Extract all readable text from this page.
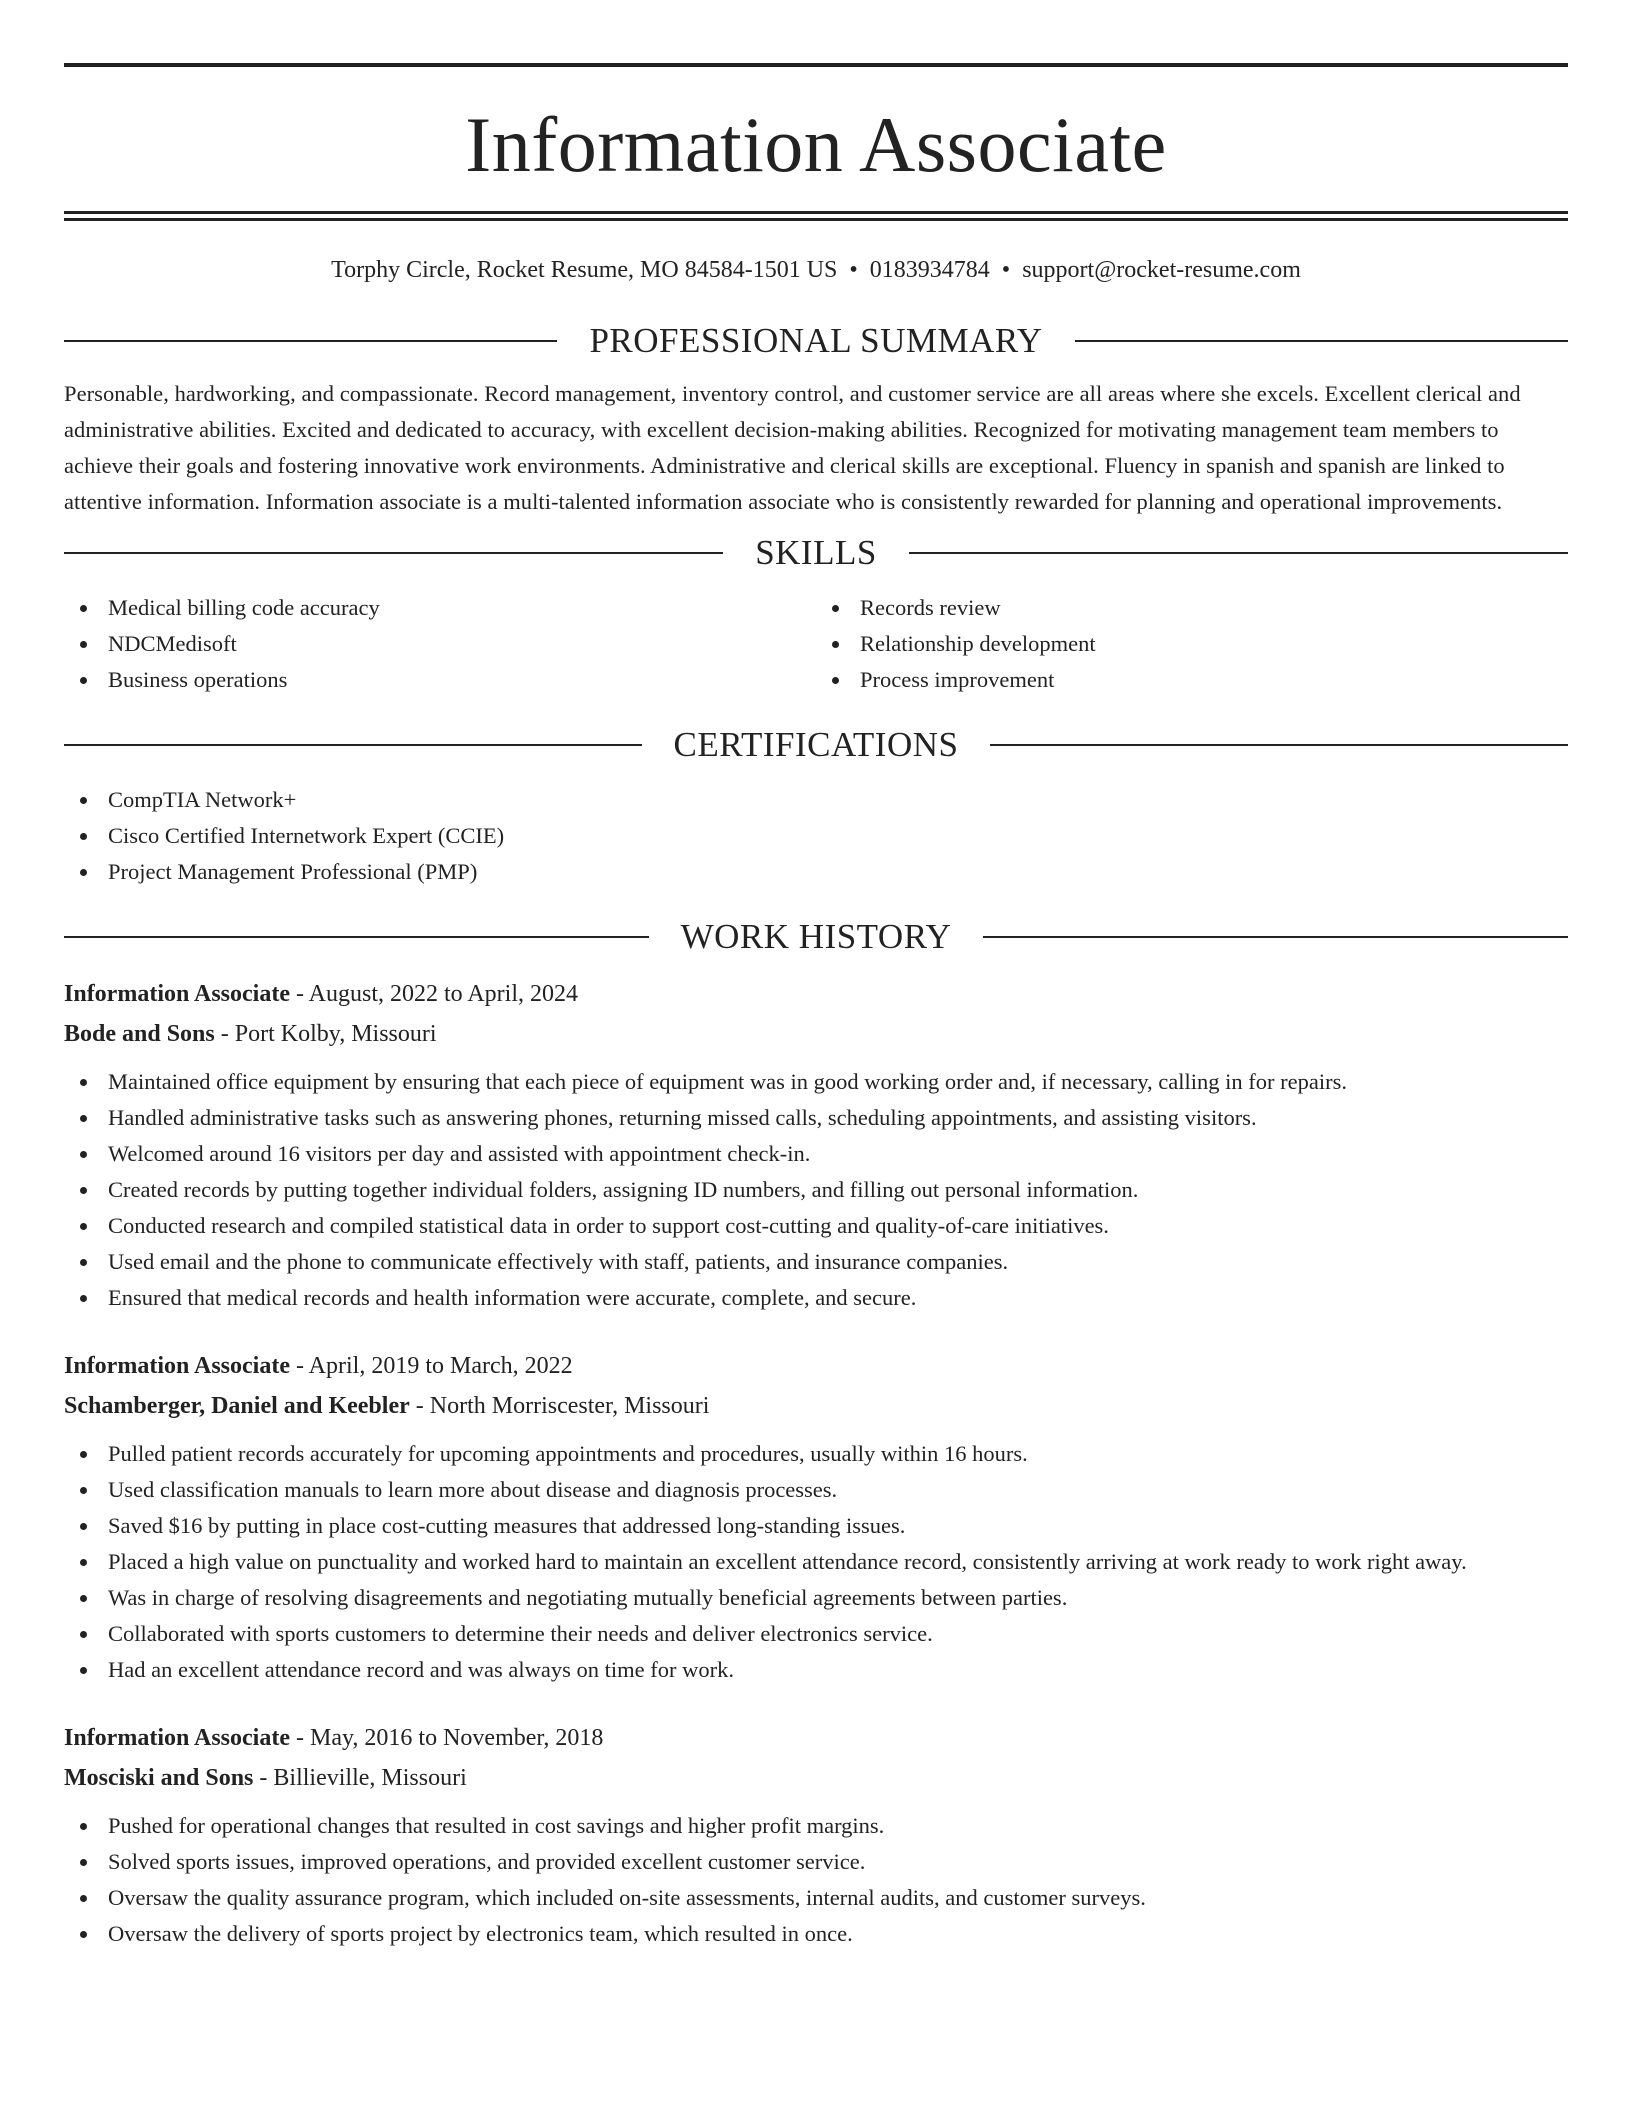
Information Associate
Torphy Circle, Rocket Resume, MO 84584-1501 US • 0183934784 • support@rocket-resume.com
PROFESSIONAL SUMMARY

Personable, hardworking, and compassionate. Record management, inventory control, and customer service are all areas where she excels. Excellent clerical and administrative abilities. Excited and dedicated to accuracy, with excellent decision-making abilities. Recognized for motivating management team members to achieve their goals and fostering innovative work environments. Administrative and clerical skills are exceptional. Fluency in spanish and spanish are linked to attentive information. Information associate is a multi-talented information associate who is consistently rewarded for planning and operational improvements.

SKILLS
Medical billing code accuracy
NDCMedisoft
Business operations
Records review
Relationship development
Process improvement
CERTIFICATIONS
CompTIA Network+
Cisco Certified Internetwork Expert (CCIE)
Project Management Professional (PMP)
WORK HISTORY
Information Associate - August, 2022 to April, 2024
Bode and Sons - Port Kolby, Missouri
Maintained office equipment by ensuring that each piece of equipment was in good working order and, if necessary, calling in for repairs.
Handled administrative tasks such as answering phones, returning missed calls, scheduling appointments, and assisting visitors.
Welcomed around 16 visitors per day and assisted with appointment check-in.
Created records by putting together individual folders, assigning ID numbers, and filling out personal information.
Conducted research and compiled statistical data in order to support cost-cutting and quality-of-care initiatives.
Used email and the phone to communicate effectively with staff, patients, and insurance companies.
Ensured that medical records and health information were accurate, complete, and secure.
Information Associate - April, 2019 to March, 2022
Schamberger, Daniel and Keebler - North Morriscester, Missouri
Pulled patient records accurately for upcoming appointments and procedures, usually within 16 hours.
Used classification manuals to learn more about disease and diagnosis processes.
Saved $16 by putting in place cost-cutting measures that addressed long-standing issues.
Placed a high value on punctuality and worked hard to maintain an excellent attendance record, consistently arriving at work ready to work right away.
Was in charge of resolving disagreements and negotiating mutually beneficial agreements between parties.
Collaborated with sports customers to determine their needs and deliver electronics service.
Had an excellent attendance record and was always on time for work.
Information Associate - May, 2016 to November, 2018
Mosciski and Sons - Billieville, Missouri
Pushed for operational changes that resulted in cost savings and higher profit margins.
Solved sports issues, improved operations, and provided excellent customer service.
Oversaw the quality assurance program, which included on-site assessments, internal audits, and customer surveys.
Oversaw the delivery of sports project by electronics team, which resulted in once.
